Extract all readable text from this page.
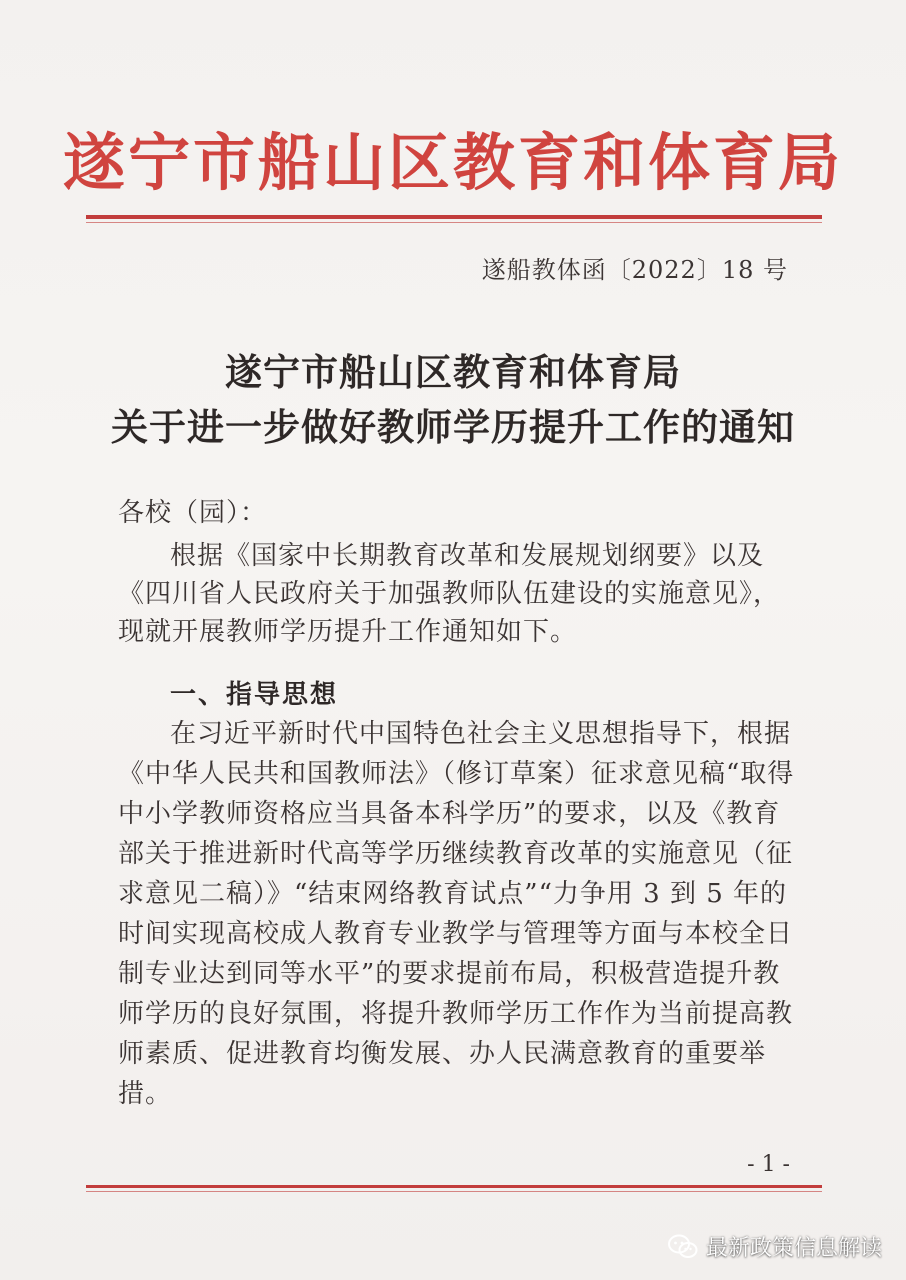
遂宁市船山区教育和体育局
遂船教体函〔2022〕18 号
遂宁市船山区教育和体育局
关于进一步做好教师学历提升工作的通知
各校（园）：
根据《国家中长期教育改革和发展规划纲要》以及《四川省人民政府关于加强教师队伍建设的实施意见》，现就开展教师学历提升工作通知如下。
一、指导思想
在习近平新时代中国特色社会主义思想指导下，根据《中华人民共和国教师法》（修订草案）征求意见稿“取得中小学教师资格应当具备本科学历”的要求，以及《教育部关于推进新时代高等学历继续教育改革的实施意见（征求意见二稿）》“结束网络教育试点”“力争用 3 到 5 年的时间实现高校成人教育专业教学与管理等方面与本校全日制专业达到同等水平”的要求提前布局，积极营造提升教师学历的良好氛围，将提升教师学历工作作为当前提高教师素质、促进教育均衡发展、办人民满意教育的重要举措。
- 1 -
最新政策信息解读
